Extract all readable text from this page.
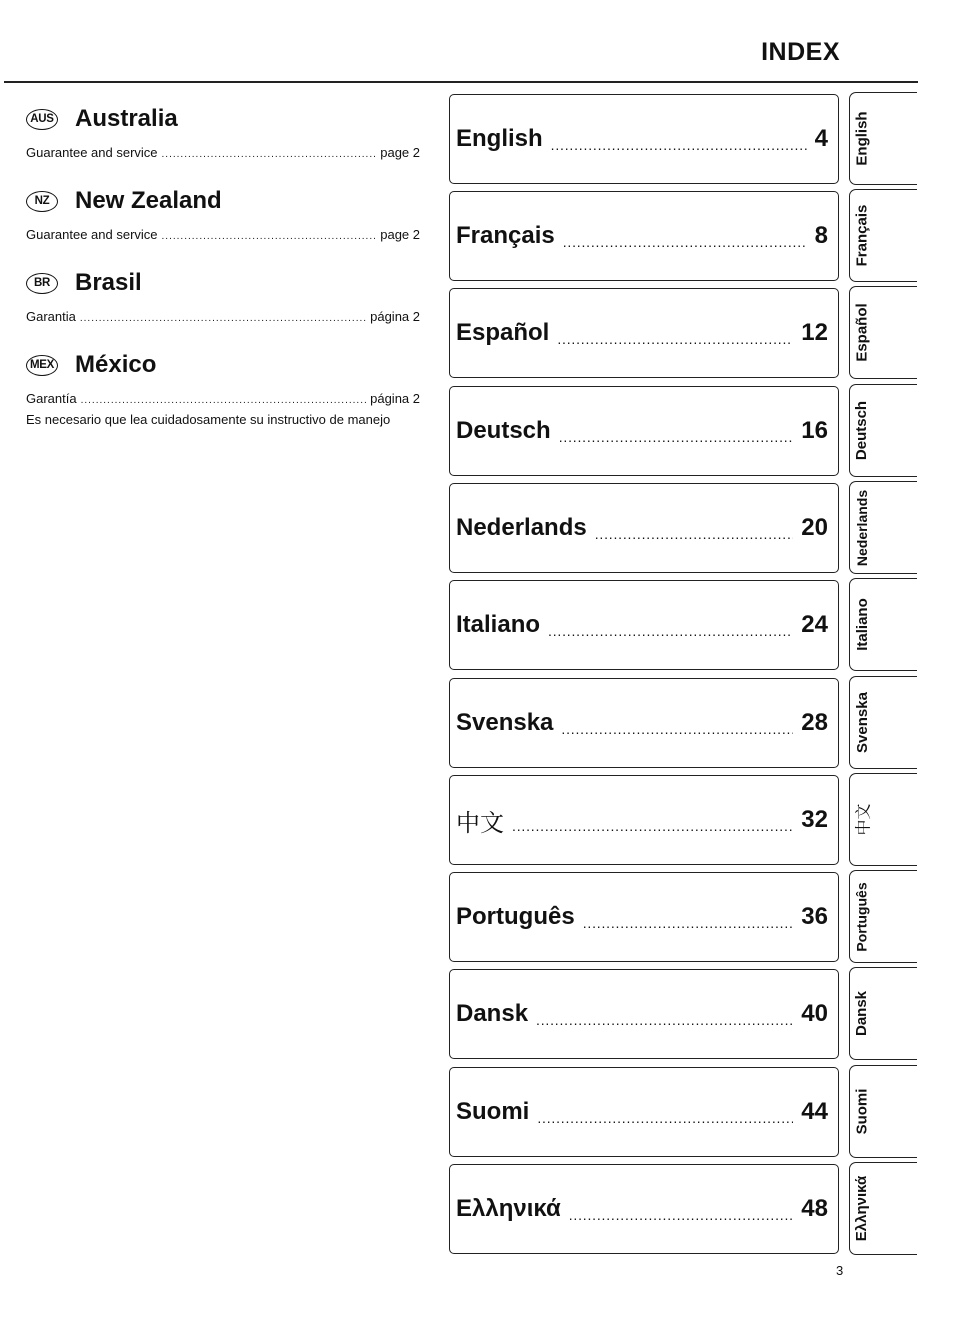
INDEX
AUS Australia
Guarantee and service .....	page 2
NZ	New Zealand
Guarantee and service .....	page 2
BR	Brasil
Garantia .....	página 2
MEX México
Garantía .....	página 2
Es necesario que lea cuidadosamente su instructivo de manejo
English .....	4
Français .....	8
Español .....	12
Deutsch .....	16
Nederlands .....	20
Italiano .....	24
Svenska .....	28
中文 .....	32
Português .....	36
Dansk .....	40
Suomi .....	44
Ελληνικά .....	48
English
Français
Español
Deutsch
Nederlands
Italiano
Svenska
中文
Português
Dansk
Suomi
Ελληνικά
3
